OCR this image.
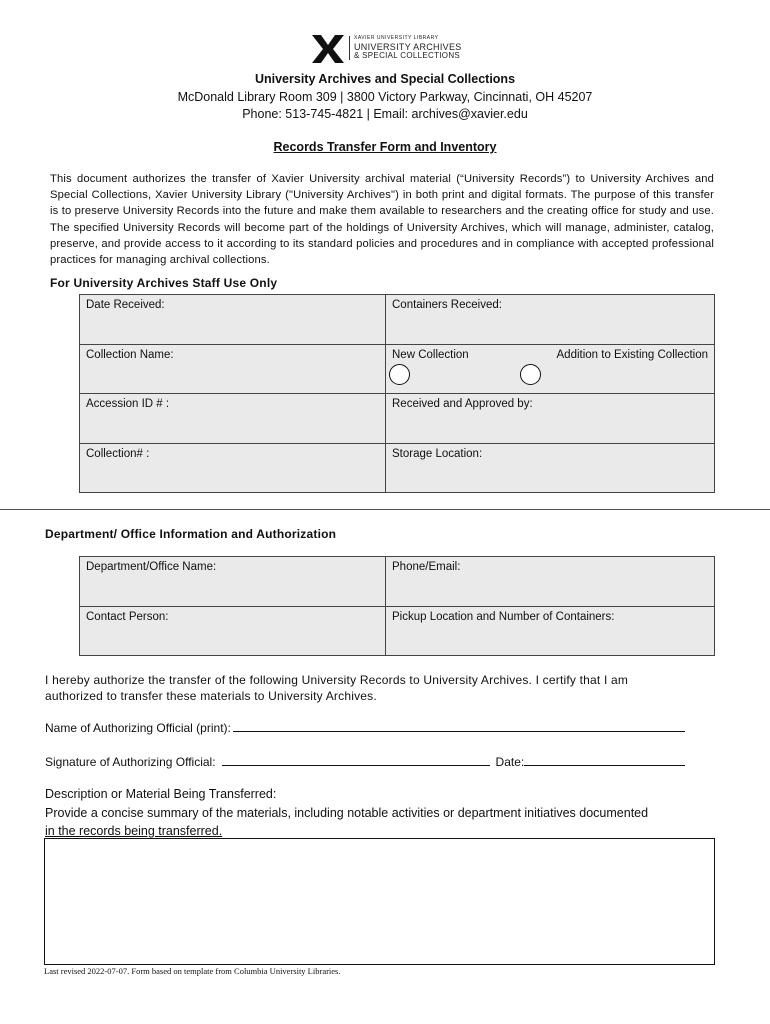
XAVIER UNIVERSITY LIBRARY
UNIVERSITY ARCHIVES
& SPECIAL COLLECTIONS
University Archives and Special Collections
McDonald Library Room 309 | 3800 Victory Parkway, Cincinnati, OH 45207
Phone: 513-745-4821 | Email: archives@xavier.edu
Records Transfer Form and Inventory
This document authorizes the transfer of Xavier University archival material (“University Records”) to University Archives and Special Collections, Xavier University Library ("University Archives") in both print and digital formats. The purpose of this transfer is to preserve University Records into the future and make them available to researchers and the creating office for study and use. The specified University Records will become part of the holdings of University Archives, which will manage, administer, catalog, preserve, and provide access to it according to its standard policies and procedures and in compliance with accepted professional practices for managing archival collections.
For University Archives Staff Use Only
Date Received:	Containers Received:
Collection Name:	New Collection Addition to Existing Collection

Accession ID # :	Received and Approved by:
Collection# :	Storage Location:
Department/ Office Information and Authorization
Department/Office Name:	Phone/Email:
Contact Person:	Pickup Location and Number of Containers:
I hereby authorize the transfer of the following University Records to University Archives. I certify that I am
authorized to transfer these materials to University Archives.
Name of Authorizing Official (print):
Signature of Authorizing Official:	Date:
Description or Material Being Transferred:
Provide a concise summary of the materials, including notable activities or department initiatives documented
in the records being transferred.
Last revised 2022-07-07. Form based on template from Columbia University Libraries.
